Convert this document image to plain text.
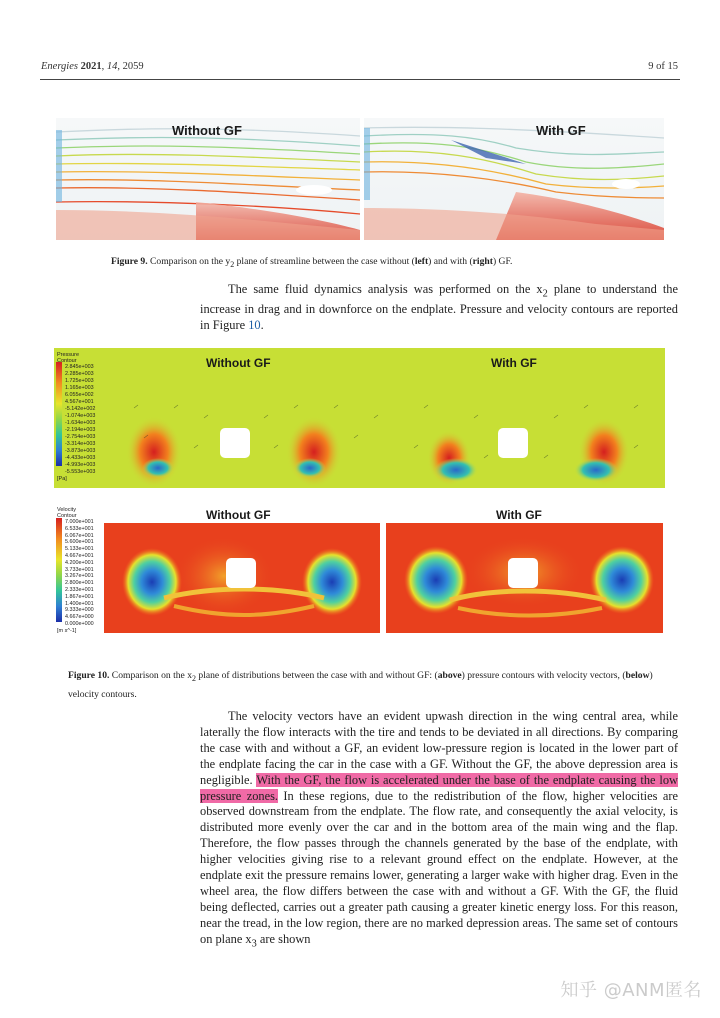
Energies 2021, 14, 2059	9 of 15
Without GF	With GF
Figure 9. Comparison on the $y_2$ plane of streamline between the case without (left) and with (right) GF.

The same fluid dynamics analysis was performed on the $x_2$ plane to understand the increase in drag and in downforce on the endplate. Pressure and velocity contours are reported in Figure 10.

Pressure
Contour
2.845e+003
2.285e+003
1.725e+003
1.165e+003
6.055e+002
4.567e+001
-5.142e+002
-1.074e+003
-1.634e+003
-2.194e+003
-2.754e+003
-3.314e+003
-3.873e+003
-4.433e+003
-4.993e+003
-5.553e+003
[Pa]
Without GF	With GF
Velocity
Contour
7.000e+001
6.533e+001
6.067e+001
5.600e+001
5.133e+001
4.667e+001
4.200e+001
3.733e+001
3.267e+001
2.800e+001
2.333e+001
1.867e+001
1.400e+001
9.333e+000
4.667e+000
0.000e+000
[m s^-1]
Without GF	With GF
Figure 10. Comparison on the $x_2$ plane of distributions between the case with and without GF: (above) pressure contours with velocity vectors, (below) velocity contours.

The velocity vectors have an evident upwash direction in the wing central area, while laterally the flow interacts with the tire and tends to be deviated in all directions. By comparing the case with and without a GF, an evident low-pressure region is located in the lower part of the endplate facing the car in the case with a GF. Without the GF, the above depression area is negligible. With the GF, the flow is accelerated under the base of the endplate causing the low pressure zones. In these regions, due to the redistribution of the flow, higher velocities are observed downstream from the endplate. The flow rate, and consequently the axial velocity, is distributed more evenly over the car and in the bottom area of the main wing and the flap. Therefore, the flow passes through the channels generated by the base of the endplate, with higher velocities giving rise to a relevant ground effect on the endplate. However, at the endplate exit the pressure remains lower, generating a larger wake with higher drag. Even in the wheel area, the flow differs between the case with and without a GF. With the GF, the fluid being deflected, carries out a greater path causing a greater kinetic energy loss. For this reason, near the tread, in the low region, there are no marked depression areas. The same set of contours on plane $x_3$ are shown

知乎 @ANM匿名
